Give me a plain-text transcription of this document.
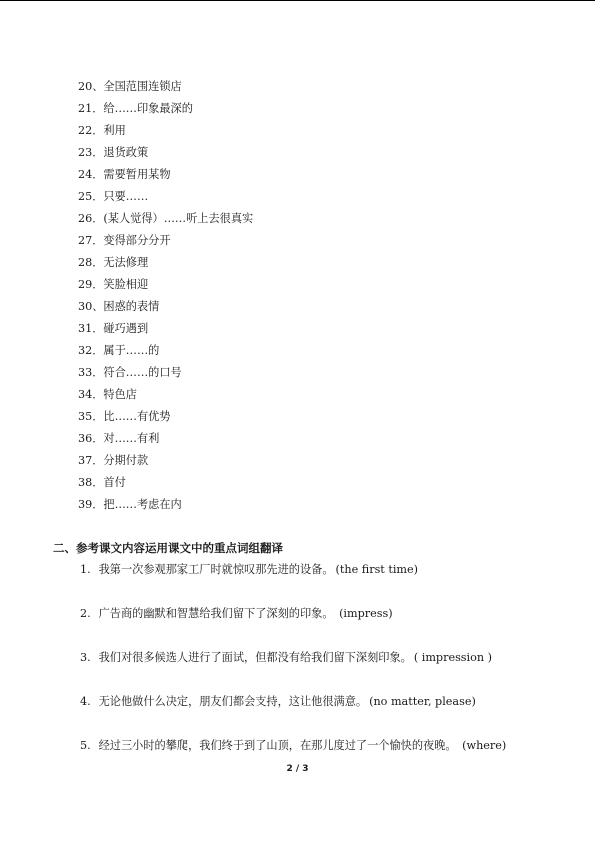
20、全国范围连锁店
21．给……印象最深的
22．利用
23．退货政策
24．需要暂用某物
25．只要……
26．(某人觉得）……听上去很真实
27．变得部分分开
28．无法修理
29．笑脸相迎
30、困惑的表情
31．碰巧遇到
32．属于……的
33．符合……的口号
34．特色店
35．比……有优势
36．对……有利
37．分期付款
38．首付
39．把……考虑在内
二、参考课文内容运用课文中的重点词组翻译
1. 我第一次参观那家工厂时就惊叹那先进的设备。 (the first time)
2. 广告商的幽默和智慧给我们留下了深刻的印象。 (impress)
3. 我们对很多候选人进行了面试，但都没有给我们留下深刻印象。 ( impression )
4. 无论他做什么决定，朋友们都会支持，这让他很满意。 (no matter, please)
5. 经过三小时的攀爬，我们终于到了山顶，在那儿度过了一个愉快的夜晚。 (where)
2 / 3
